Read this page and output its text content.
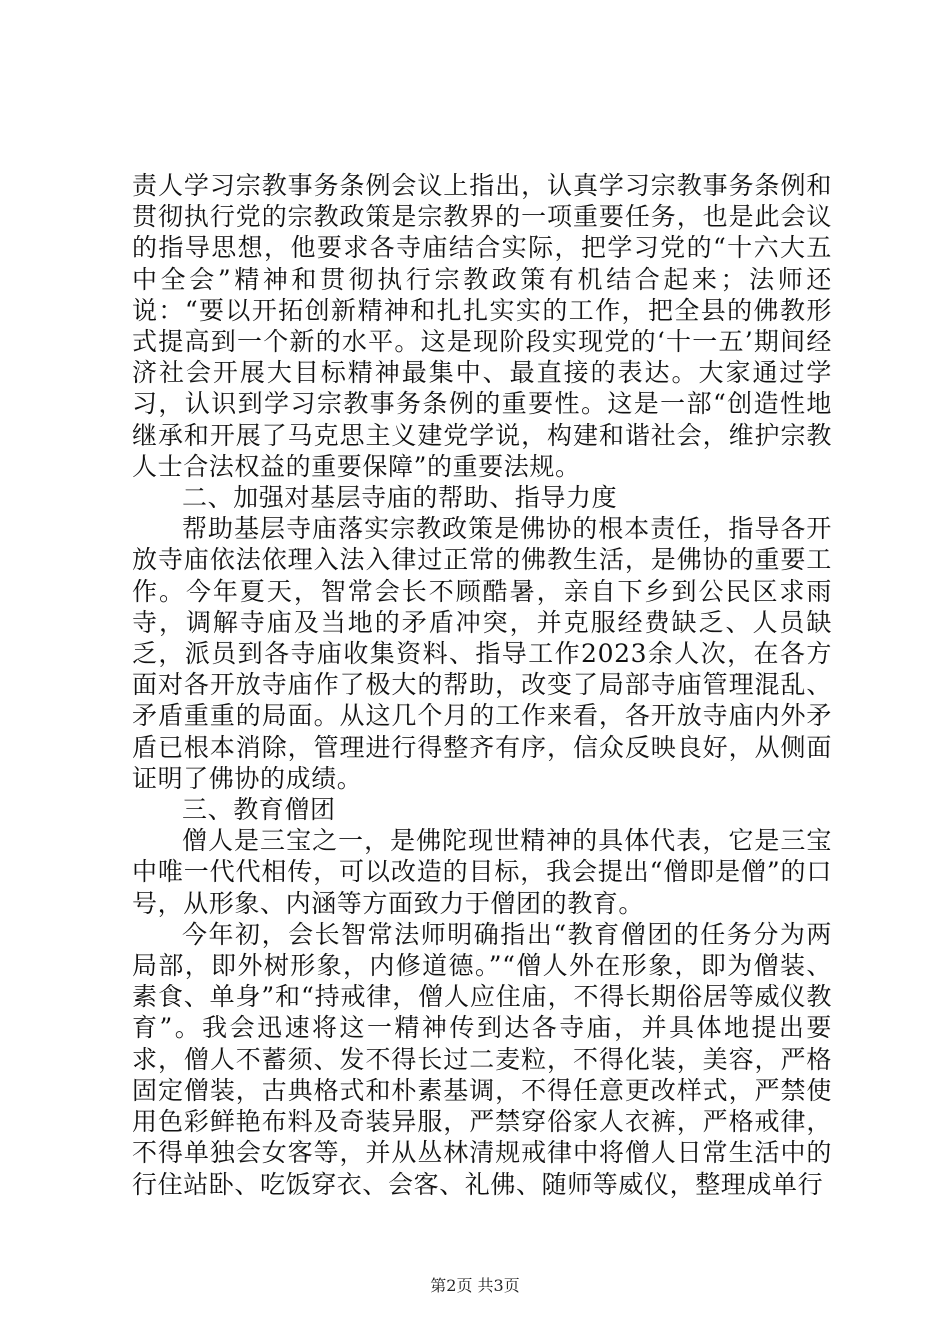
责人学习宗教事务条例会议上指出，认真学习宗教事务条例和贯彻执行党的宗教政策是宗教界的一项重要任务，也是此会议的指导思想，他要求各寺庙结合实际，把学习党的“十六大五中全会”精神和贯彻执行宗教政策有机结合起来；法师还说：“要以开拓创新精神和扎扎实实的工作，把全县的佛教形式提高到一个新的水平。这是现阶段实现党的‘十一五’期间经济社会开展大目标精神最集中、最直接的表达。大家通过学习，认识到学习宗教事务条例的重要性。这是一部“创造性地继承和开展了马克思主义建党学说，构建和谐社会，维护宗教人士合法权益的重要保障”的重要法规。

二、加强对基层寺庙的帮助、指导力度

帮助基层寺庙落实宗教政策是佛协的根本责任，指导各开放寺庙依法依理入法入律过正常的佛教生活，是佛协的重要工作。今年夏天，智常会长不顾酷暑，亲自下乡到公民区求雨寺，调解寺庙及当地的矛盾冲突，并克服经费缺乏、人员缺乏，派员到各寺庙收集资料、指导工作2023余人次，在各方面对各开放寺庙作了极大的帮助，改变了局部寺庙管理混乱、矛盾重重的局面。从这几个月的工作来看，各开放寺庙内外矛盾已根本消除，管理进行得整齐有序，信众反映良好，从侧面证明了佛协的成绩。

三、教育僧团

僧人是三宝之一，是佛陀现世精神的具体代表，它是三宝中唯一代代相传，可以改造的目标，我会提出“僧即是僧”的口号，从形象、内涵等方面致力于僧团的教育。

今年初，会长智常法师明确指出“教育僧团的任务分为两局部，即外树形象，内修道德。”“僧人外在形象，即为僧装、素食、单身”和“持戒律，僧人应住庙，不得长期俗居等威仪教育”。我会迅速将这一精神传到达各寺庙，并具体地提出要求，僧人不蓄须、发不得长过二麦粒，不得化装，美容，严格固定僧装，古典格式和朴素基调，不得任意更改样式，严禁使用色彩鲜艳布料及奇装异服，严禁穿俗家人衣裤，严格戒律，不得单独会女客等，并从丛林清规戒律中将僧人日常生活中的行住站卧、吃饭穿衣、会客、礼佛、随师等威仪，整理成单行

第2页 共3页
